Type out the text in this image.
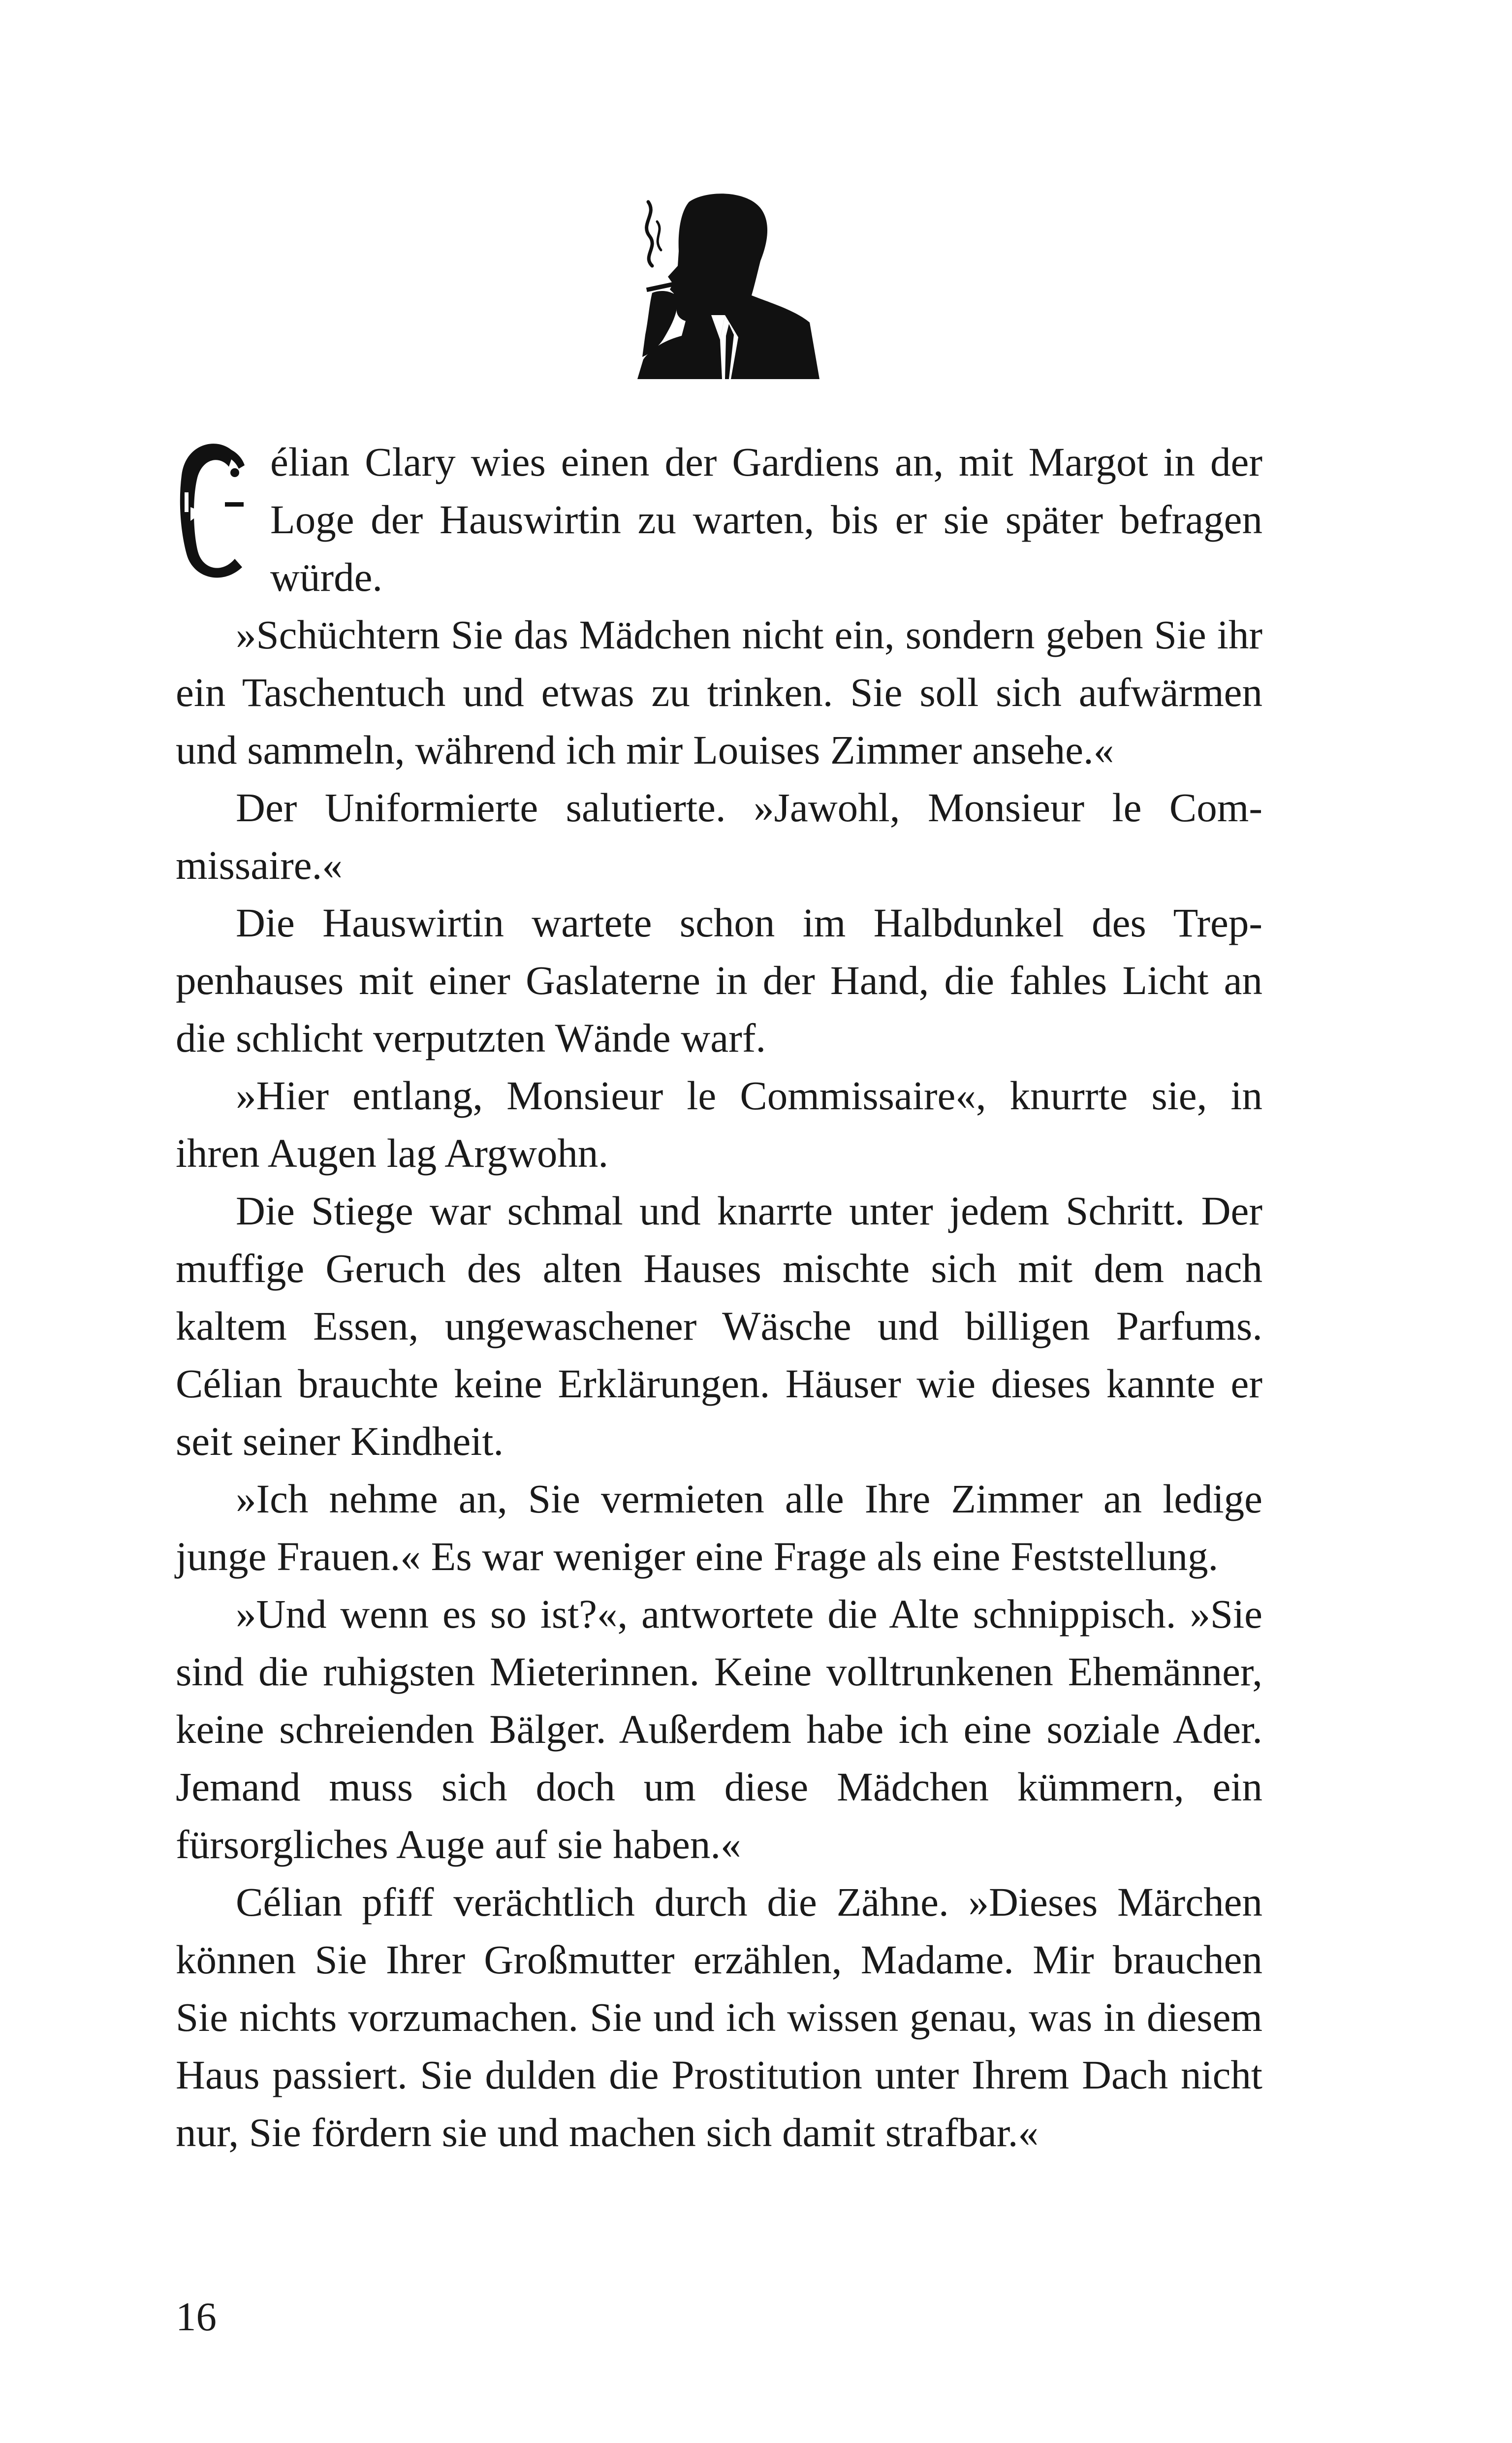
élian Clary wies einen der Gardiens an, mit Margot in der Loge der Hauswirtin zu warten, bis er sie später befragen würde.

»Schüchtern Sie das Mädchen nicht ein, sondern geben Sie ihr ein Taschentuch und etwas zu trinken. Sie soll sich aufwärmen und sammeln, während ich mir Louises Zimmer ansehe.«

Der Uniformierte salutierte. »Jawohl, Monsieur le Commissaire.«

Die Hauswirtin wartete schon im Halbdunkel des Treppenhauses mit einer Gaslaterne in der Hand, die fahles Licht an die schlicht verputzten Wände warf.

»Hier entlang, Monsieur le Commissaire«, knurrte sie, in ihren Augen lag Argwohn.

Die Stiege war schmal und knarrte unter jedem Schritt. Der muffige Geruch des alten Hauses mischte sich mit dem nach kaltem Essen, ungewaschener Wäsche und billigen Parfums. Célian brauchte keine Erklärungen. Häuser wie dieses kannte er seit seiner Kindheit.

»Ich nehme an, Sie vermieten alle Ihre Zimmer an ledige junge Frauen.« Es war weniger eine Frage als eine Feststellung.

»Und wenn es so ist?«, antwortete die Alte schnippisch. »Sie sind die ruhigsten Mieterinnen. Keine volltrunkenen Ehemänner, keine schreienden Bälger. Außerdem habe ich eine soziale Ader. Jemand muss sich doch um diese Mädchen kümmern, ein fürsorgliches Auge auf sie haben.«

Célian pfiff verächtlich durch die Zähne. »Dieses Märchen können Sie Ihrer Großmutter erzählen, Madame. Mir brauchen Sie nichts vorzumachen. Sie und ich wissen genau, was in diesem Haus passiert. Sie dulden die Prostitution unter Ihrem Dach nicht nur, Sie fördern sie und machen sich damit strafbar.«

16
